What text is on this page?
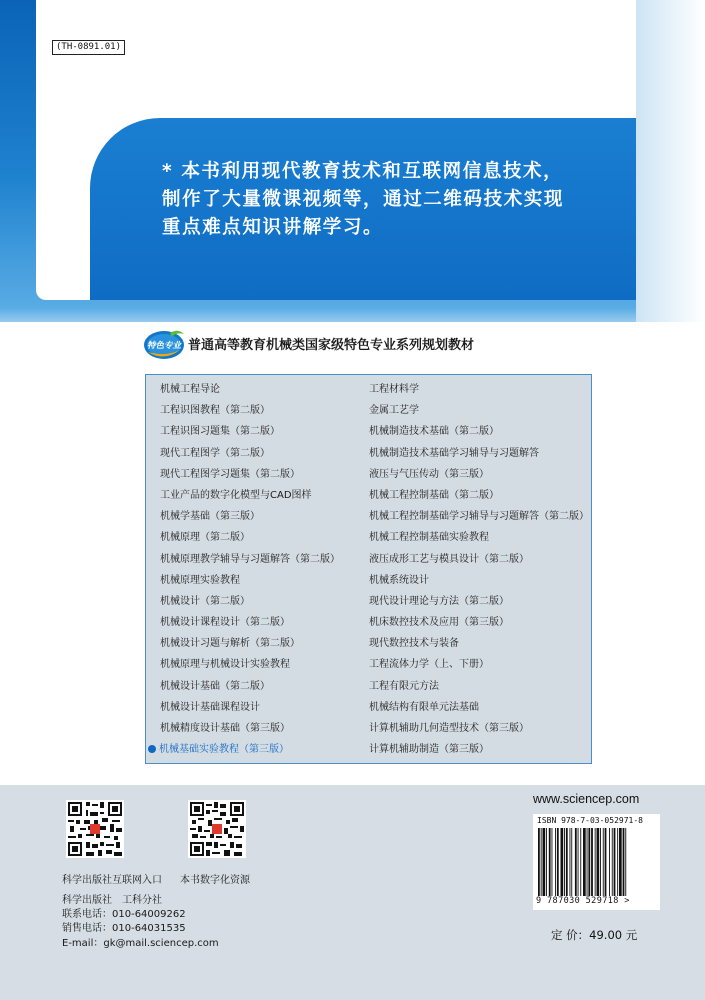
(TH-0891.01)
* 本书利用现代教育技术和互联网信息技术，制作了大量微课视频等，通过二维码技术实现重点难点知识讲解学习。
特色专业 普通高等教育机械类国家级特色专业系列规划教材
机械工程导论
工程识图教程（第二版）
工程识图习题集（第二版）
现代工程图学（第二版）
现代工程图学习题集（第二版）
工业产品的数字化模型与CAD图样
机械学基础（第三版）
机械原理（第二版）
机械原理教学辅导与习题解答（第二版）
机械原理实验教程
机械设计（第二版）
机械设计课程设计（第二版）
机械设计习题与解析（第二版）
机械原理与机械设计实验教程
机械设计基础（第二版）
机械设计基础课程设计
机械精度设计基础（第三版）
机械基础实验教程（第三版）
工程材料学
金属工艺学
机械制造技术基础（第二版）
机械制造技术基础学习辅导与习题解答
液压与气压传动（第三版）
机械工程控制基础（第二版）
机械工程控制基础学习辅导与习题解答（第二版）
机械工程控制基础实验教程
液压成形工艺与模具设计（第二版）
机械系统设计
现代设计理论与方法（第二版）
机床数控技术及应用（第三版）
现代数控技术与装备
工程流体力学（上、下册）
工程有限元方法
机械结构有限单元法基础
计算机辅助几何造型技术（第三版）
计算机辅助制造（第三版）
科学出版社互联网入口 本书数字化资源
科学出版社　工科分社
联系电话：010-64009262
销售电话：010-64031535
E-mail：gk@mail.sciencep.com
www.sciencep.com
ISBN 978-7-03-052971-8
9 787030 529718 >
定 价：49.00 元
